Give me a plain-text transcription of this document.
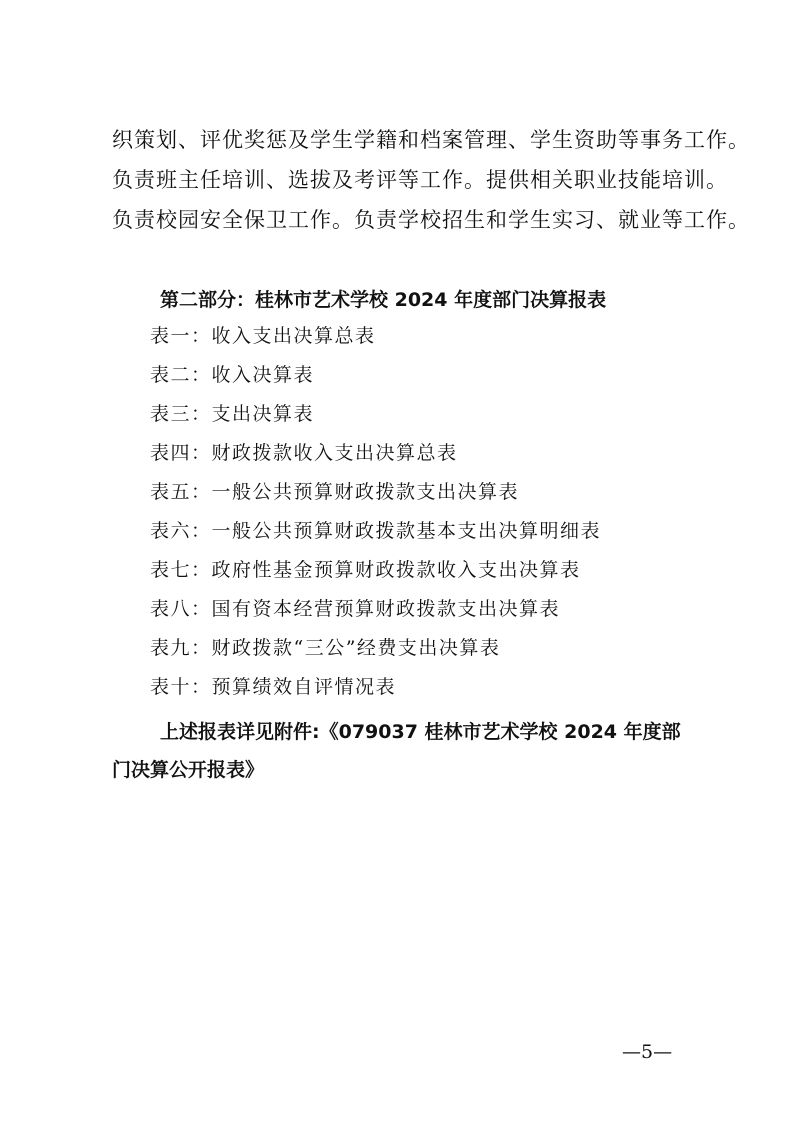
织策划、评优奖惩及学生学籍和档案管理、学生资助等事务工作。
负责班主任培训、选拔及考评等工作。提供相关职业技能培训。
负责校园安全保卫工作。负责学校招生和学生实习、就业等工作。
第二部分：桂林市艺术学校 2024 年度部门决算报表
表一：收入支出决算总表
表二：收入决算表
表三：支出决算表
表四：财政拨款收入支出决算总表
表五：一般公共预算财政拨款支出决算表
表六：一般公共预算财政拨款基本支出决算明细表
表七：政府性基金预算财政拨款收入支出决算表
表八：国有资本经营预算财政拨款支出决算表
表九：财政拨款“三公”经费支出决算表
表十：预算绩效自评情况表
上述报表详见附件:《079037 桂林市艺术学校 2024 年度部
门决算公开报表》
—5—
